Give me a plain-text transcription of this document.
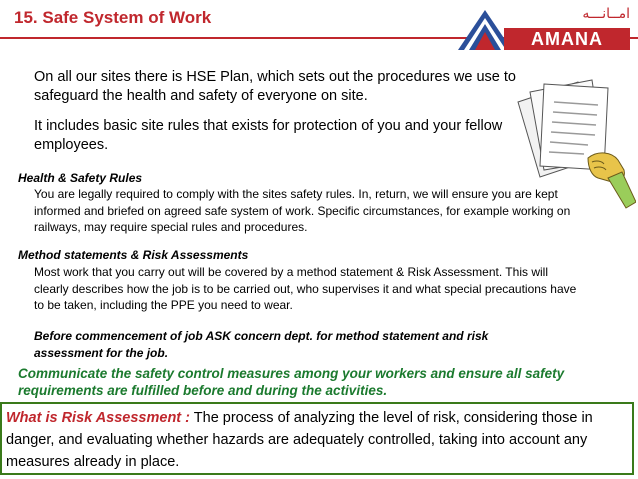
15. Safe System of Work	امــانـــه
AMANA
On all our sites there is HSE Plan, which sets out the procedures we use to safeguard the health and safety of everyone on site.
It includes basic site rules that exists for protection of you and your fellow employees.
Health & Safety Rules
You are legally required to comply with the sites safety rules. In, return, we will ensure you are kept informed and briefed on agreed safe system of work. Specific circumstances, for example working on railways, may require special rules and procedures.
Method statements & Risk Assessments
Most work that you carry out will be covered by a method statement & Risk Assessment. This will clearly describes how the job is to be carried out, who supervises it and what special precautions have to be taken, including the PPE you need to wear.
Before commencement of job ASK concern dept. for method statement and risk assessment for the job.
Communicate the safety control measures among your workers and ensure all safety requirements are fulfilled before and during the activities.
What is Risk Assessment : The process of analyzing the level of risk, considering those in danger, and evaluating whether hazards are adequately controlled, taking into account any measures already in place.
